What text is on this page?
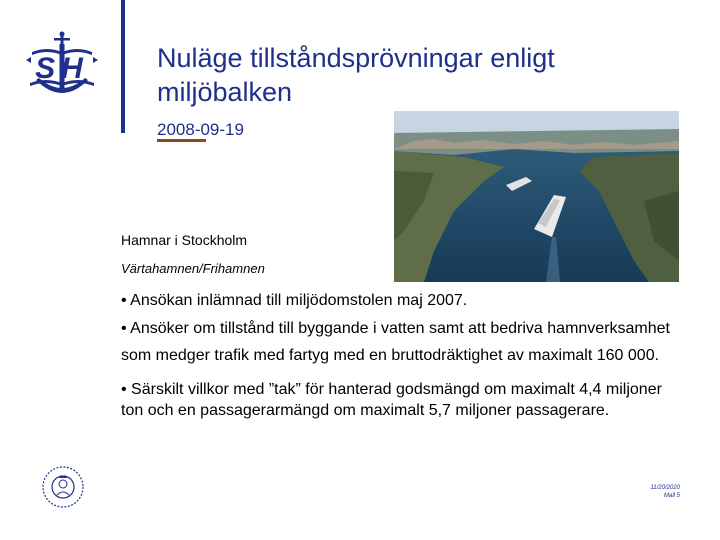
SH	Nuläge tillståndsprövningar enligt miljöbalken
2008-09-19
Hamnar i Stockholm
Värtahamnen/Frihamnen

• Ansökan inlämnad till miljödomstolen maj 2007.

• Ansöker om tillstånd till byggande i vatten samt att bedriva hamnverksamhet som medger trafik med fartyg med en bruttodräktighet av maximalt 160 000.

• Särskilt villkor med ”tak” för hanterad godsmängd om maximalt 4,4 miljoner ton och en passagerarmängd om maximalt 5,7 miljoner passagerare.

11/20/2020
Mall 5
